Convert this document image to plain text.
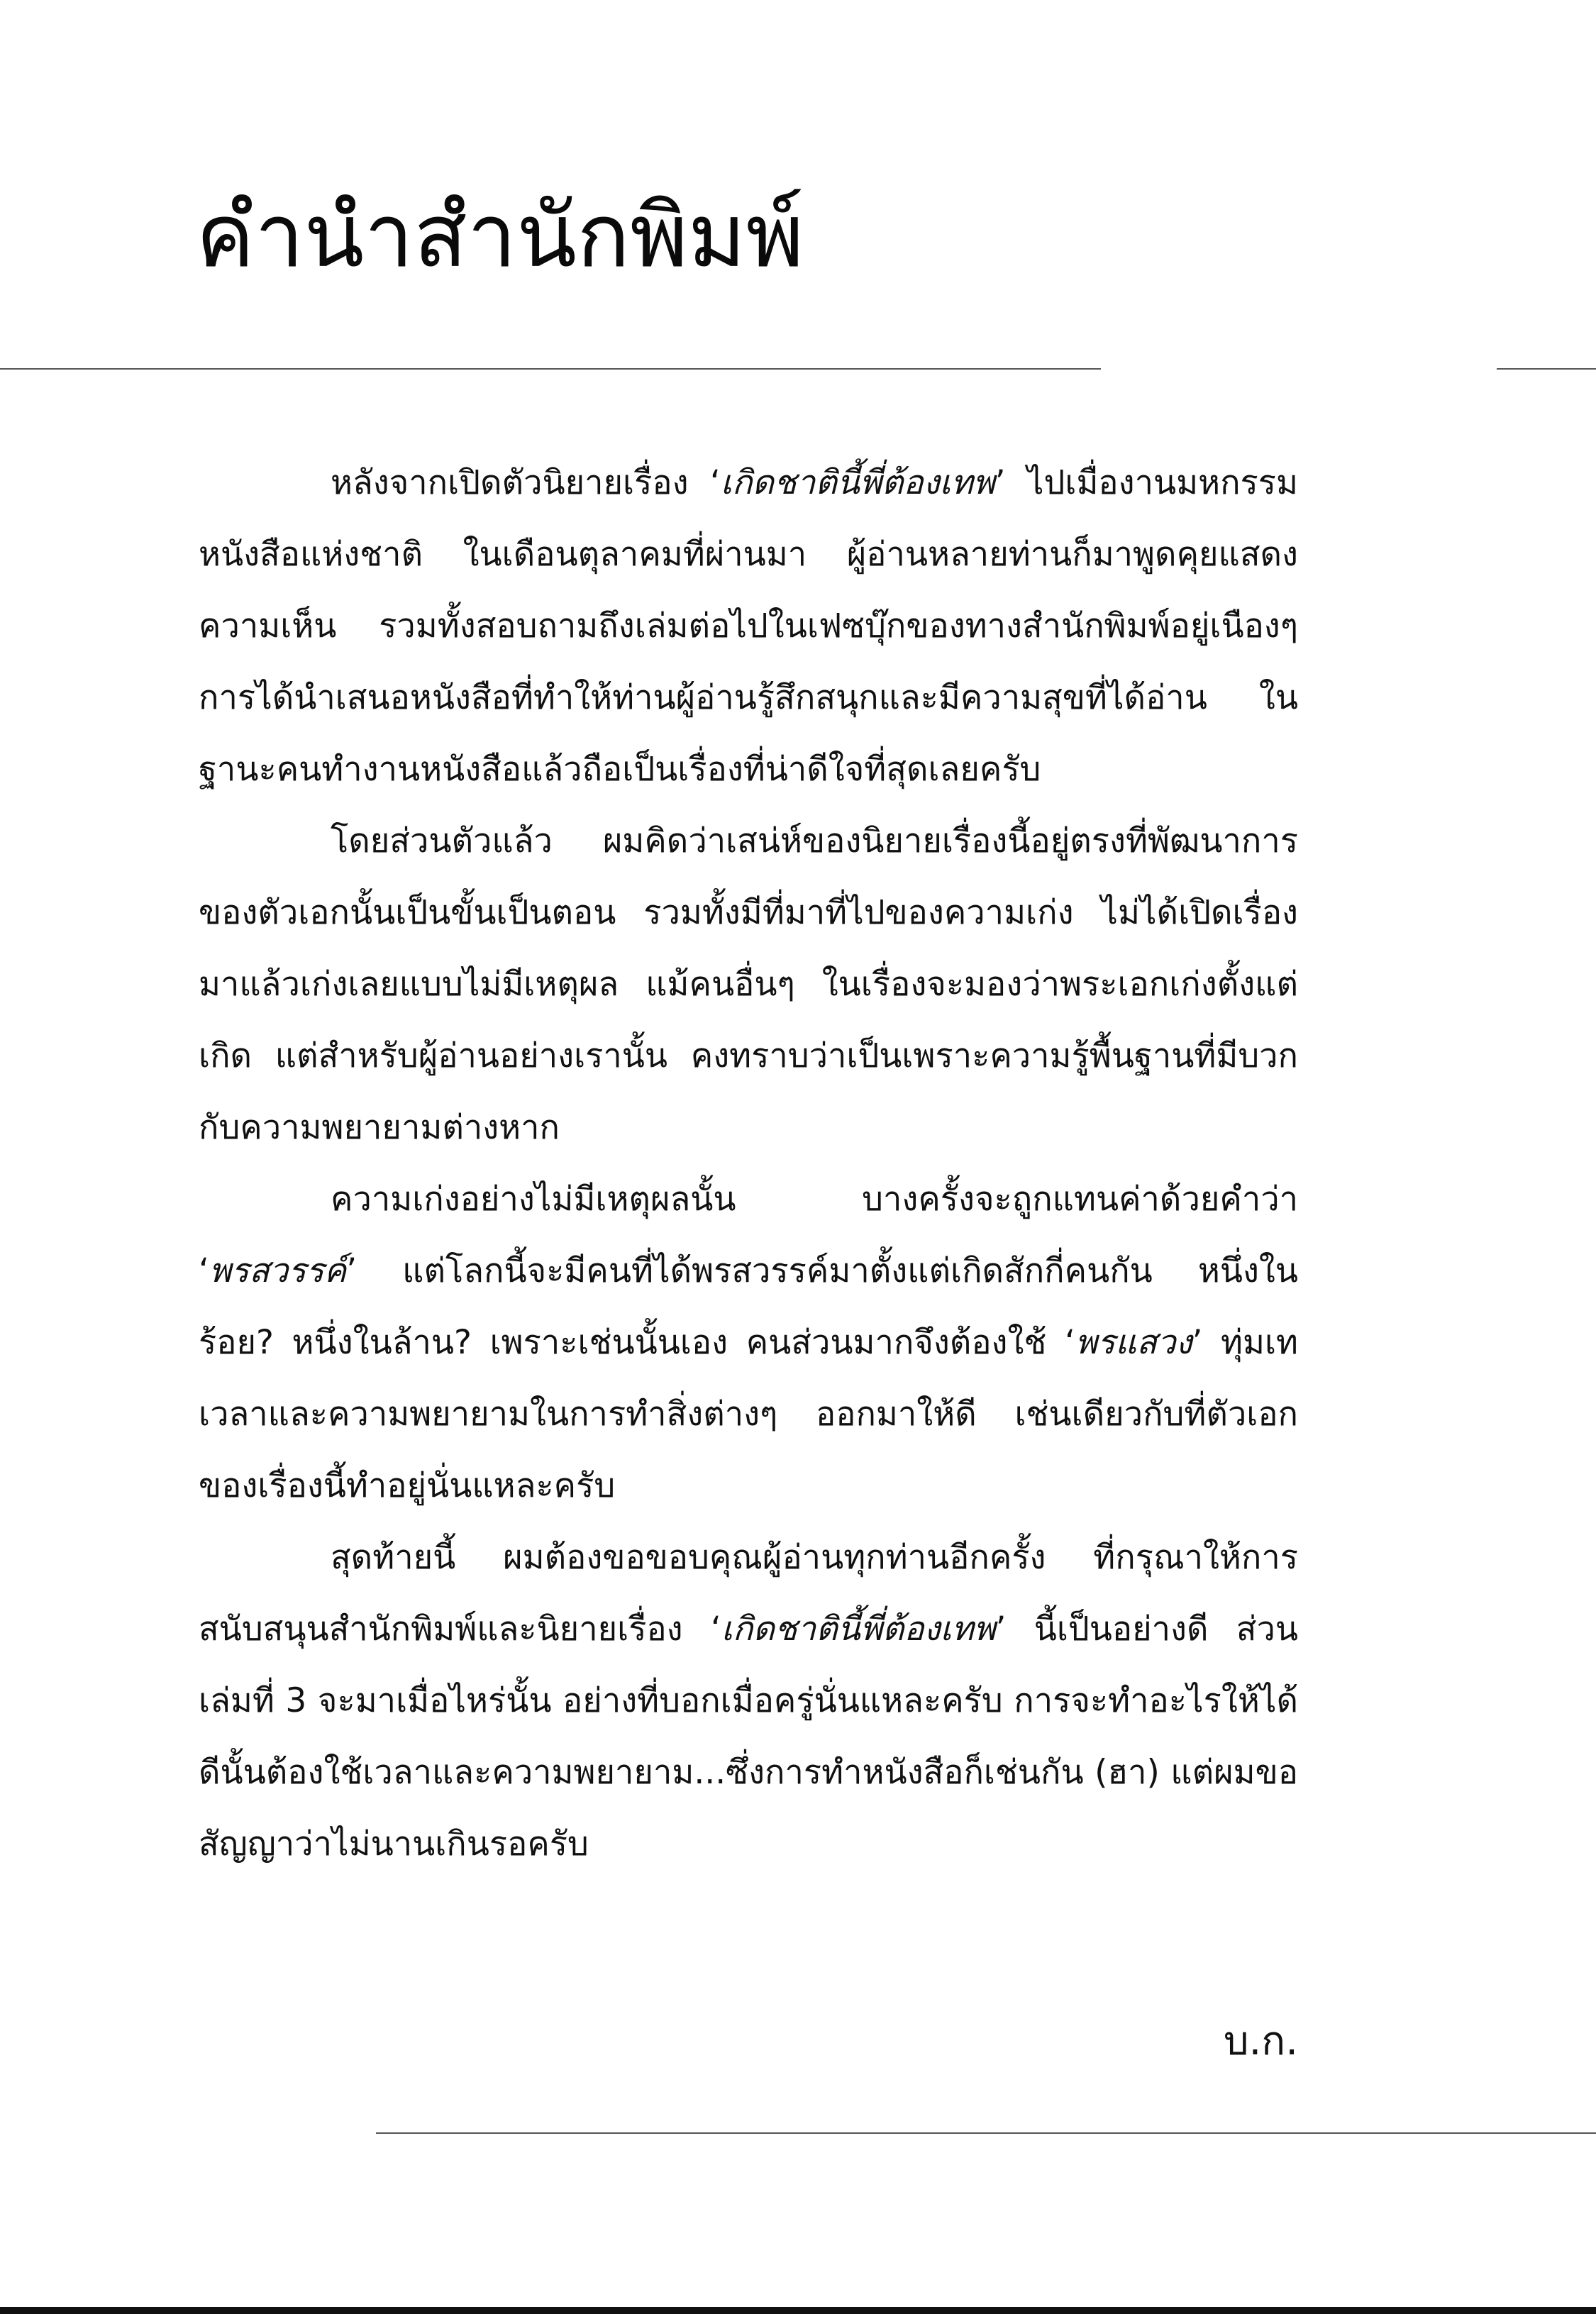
คำนำสำนักพิมพ์

หลังจากเปิดตัวนิยายเรื่อง ‘เกิดชาตินี้พี่ต้องเทพ’ ไปเมื่องานมหกรรมหนังสือแห่งชาติ ในเดือนตุลาคมที่ผ่านมา ผู้อ่านหลายท่านก็มาพูดคุยแสดงความเห็น รวมทั้งสอบถามถึงเล่มต่อไปในเฟซบุ๊กของทางสำนักพิมพ์อยู่เนืองๆ การได้นำเสนอหนังสือที่ทำให้ท่านผู้อ่านรู้สึกสนุกและมีความสุขที่ได้อ่าน ในฐานะคนทำงานหนังสือแล้วถือเป็นเรื่องที่น่าดีใจที่สุดเลยครับ

โดยส่วนตัวแล้ว ผมคิดว่าเสน่ห์ของนิยายเรื่องนี้อยู่ตรงที่พัฒนาการของตัวเอกนั้นเป็นขั้นเป็นตอน รวมทั้งมีที่มาที่ไปของความเก่ง ไม่ได้เปิดเรื่องมาแล้วเก่งเลยแบบไม่มีเหตุผล แม้คนอื่นๆ ในเรื่องจะมองว่าพระเอกเก่งตั้งแต่เกิด แต่สำหรับผู้อ่านอย่างเรานั้น คงทราบว่าเป็นเพราะความรู้พื้นฐานที่มีบวกกับความพยายามต่างหาก

ความเก่งอย่างไม่มีเหตุผลนั้น บางครั้งจะถูกแทนค่าด้วยคำว่า ‘พรสวรรค์’ แต่โลกนี้จะมีคนที่ได้พรสวรรค์มาตั้งแต่เกิดสักกี่คนกัน หนึ่งในร้อย? หนึ่งในล้าน? เพราะเช่นนั้นเอง คนส่วนมากจึงต้องใช้ ‘พรแสวง’ ทุ่มเทเวลาและความพยายามในการทำสิ่งต่างๆ ออกมาให้ดี เช่นเดียวกับที่ตัวเอกของเรื่องนี้ทำอยู่นั่นแหละครับ

สุดท้ายนี้ ผมต้องขอขอบคุณผู้อ่านทุกท่านอีกครั้ง ที่กรุณาให้การสนับสนุนสำนักพิมพ์และนิยายเรื่อง ‘เกิดชาตินี้พี่ต้องเทพ’ นี้เป็นอย่างดี ส่วนเล่มที่ 3 จะมาเมื่อไหร่นั้น อย่างที่บอกเมื่อครู่นั่นแหละครับ การจะทำอะไรให้ได้ดีนั้นต้องใช้เวลาและความพยายาม...ซึ่งการทำหนังสือก็เช่นกัน (ฮา) แต่ผมขอสัญญาว่าไม่นานเกินรอครับ

บ.ก.
